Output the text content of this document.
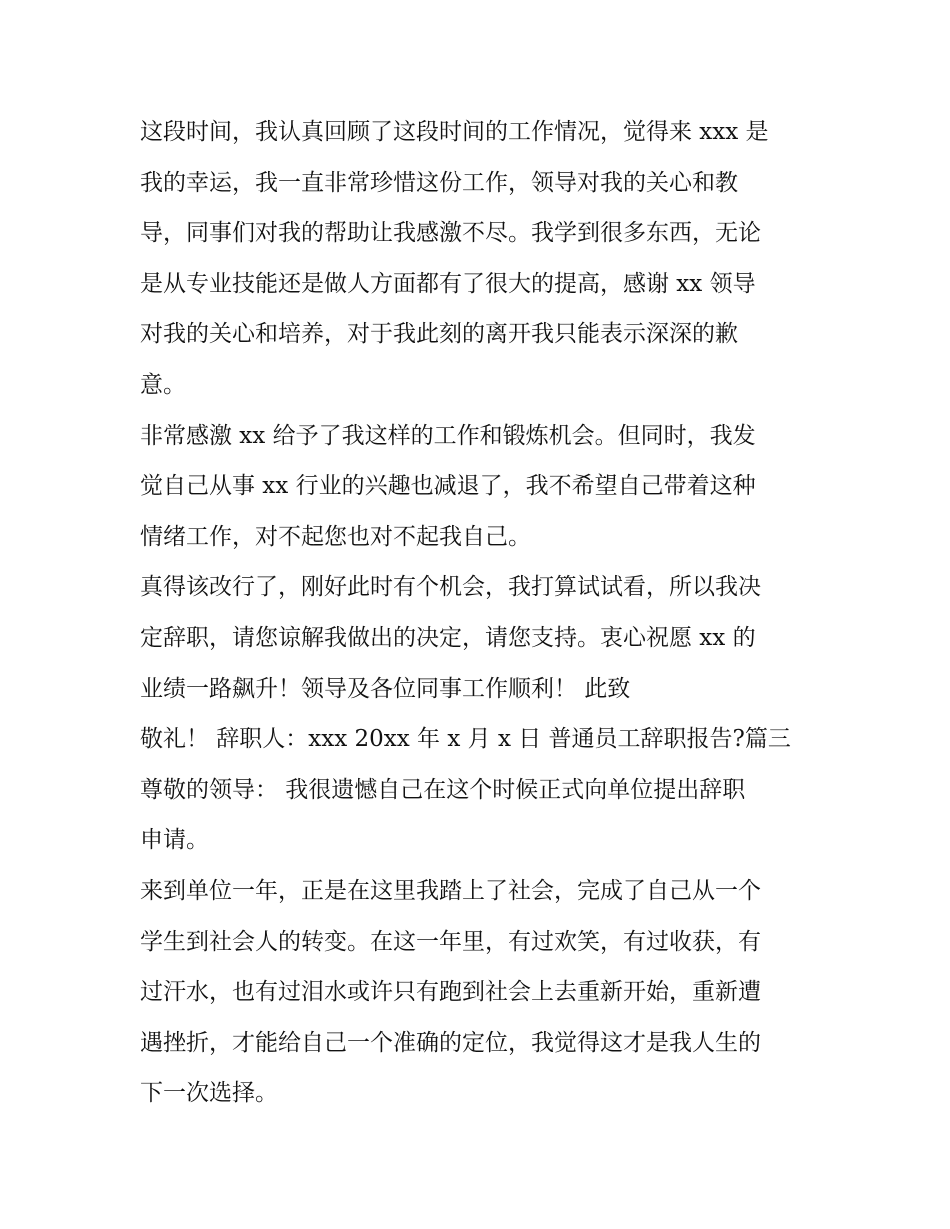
这段时间，我认真回顾了这段时间的工作情况，觉得来 xxx 是
我的幸运，我一直非常珍惜这份工作，领导对我的关心和教
导，同事们对我的帮助让我感激不尽。我学到很多东西，无论
是从专业技能还是做人方面都有了很大的提高，感谢 xx 领导
对我的关心和培养，对于我此刻的离开我只能表示深深的歉
意。
非常感激 xx 给予了我这样的工作和锻炼机会。但同时，我发
觉自己从事 xx 行业的兴趣也减退了，我不希望自己带着这种
情绪工作，对不起您也对不起我自己。
真得该改行了，刚好此时有个机会，我打算试试看，所以我决
定辞职，请您谅解我做出的决定，请您支持。衷心祝愿 xx 的
业绩一路飙升！领导及各位同事工作顺利！ 此致
敬礼！ 辞职人：xxx 20xx 年 x 月 x 日 普通员工辞职报告?篇三
尊敬的领导： 我很遗憾自己在这个时候正式向单位提出辞职
申请。
来到单位一年，正是在这里我踏上了社会，完成了自己从一个
学生到社会人的转变。在这一年里，有过欢笑，有过收获，有
过汗水，也有过泪水或许只有跑到社会上去重新开始，重新遭
遇挫折，才能给自己一个准确的定位，我觉得这才是我人生的
下一次选择。
